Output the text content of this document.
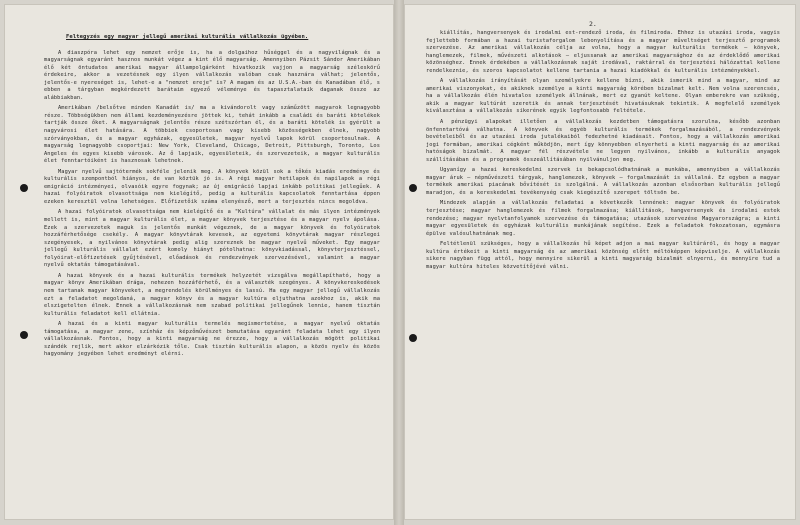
Feltegyzés egy magyar jellegű amerikai kulturális vállalkozás ügyében.

A diaszpóra lehet egy nemzet erője is, ha a dolgaihoz hűséggel és a nagyvilágnak és a magyarságnak egyaránt hasznos munkát végez a kint élő magyarság. Amennyiben Pázsit Sándor Amerikában élő két öntudatos amerikai magyar állampolgárként hivatkozik vajjon a magyarság széleskörű érdekeire, akkor a vezetésnek egy ilyen vállalkozás valóban csak hasznára válhat; jelentős, jelentős-e nyereséget is, lehet-e a "nemzet ereje" is? A magam és az U.S.A.-ban és Kanadában élő, s ebben a tárgyban megkérdezett barátaim egyező véleménye és tapasztalataik daganak össze az alábbiakban.

Amerikában /belsőtve minden Kanadát is/ ma a kivándorolt vagy száműzött magyarok legnagyobb része. Többségükben nem állami kezdeményezésre jöttek ki, tehát inkább a családi és baráti kötelékek tartják össze őket. A magyarságnak jelentős része szétszórtan él, és a baráti kötelék is gyérült a nagyvárosi élet hatására. A többiek csoportosan vagy kisebb közösségekben élnek, nagyobb szórványokban, és a magyar egyházak, egyesületek, magyar nyelvű lapok körül csoportosulnak. A magyarság legnagyobb csoportjai: New York, Cleveland, Chicago, Detroit, Pittsburgh, Toronto, Los Angeles és egyes kisebb városok. Az ő lapjaik, egyesületeik, és szervezeteik, a magyar kulturális élet fenntartóiként is hasznosak lehetnek.

Magyar nyelvű sajtótermék sokféle jelenik meg. A könyvek közül sok a tőkés kiadás eredménye és kulturális szempontból hiányos, de van köztük jó is. A régi magyar hetilapok és napilapok a régi emigráció intézményei, olvasóik egyre fogynak; az új emigráció lapjai inkább politikai jellegűek. A hazai folyóiratok olvasottsága nem kielégítő, pedig a kulturális kapcsolatok fenntartása éppen ezeken keresztül volna lehetséges. Előfizetőik száma elenyésző, mert a terjesztés nincs megoldva.

A hazai folyóiratok olvasottsága nem kielégítő és a "Kultúra" vállalat és más ilyen intézmények mellett is, mint a magyar kulturális élet, a magyar könyvek terjesztése és a magyar nyelv ápolása. Ezek a szervezetek maguk is jelentős munkát végeznek, de a magyar könyvek és folyóiratok hozzáférhetősége csekély. A magyar könyvtárak kevesek, az egyetemi könyvtárak magyar részlegei szegényesek, a nyilvános könyvtárak pedig alig szereznek be magyar nyelvű műveket. Egy magyar jellegű kulturális vállalat ezért komoly hiányt pótolhatna: könyvkiadással, könyvterjesztéssel, folyóirat-előfizetések gyűjtésével, előadások és rendezvények szervezésével, valamint a magyar nyelvű oktatás támogatásával.

A hazai könyvek és a hazai kulturális termékek helyzetét vizsgálva megállapítható, hogy a magyar könyv Amerikában drága, nehezen hozzáférhető, és a választék szegényes. A könyvkereskedések nem tartanak magyar könyveket, a megrendelés körülményes és lassú. Ha egy magyar jellegű vállalkozás ezt a feladatot megoldaná, a magyar könyv és a magyar kultúra eljuthatna azokhoz is, akik ma elszigetelten élnek. Ennek a vállalkozásnak nem szabad politikai jellegűnek lennie, hanem tisztán kulturális feladatot kell ellátnia.

A hazai és a kinti magyar kulturális termelés megismertetése, a magyar nyelvű oktatás támogatása, a magyar zene, színház és képzőművészet bemutatása egyaránt feladata lehet egy ilyen vállalkozásnak. Fontos, hogy a kinti magyarság ne érezze, hogy a vállalkozás mögött politikai szándék rejlik, mert akkor elzárkózik tőle. Csak tisztán kulturális alapon, a közös nyelv és közös hagyomány jegyében lehet eredményt elérni.

2.

kiállítás, hangversenyek és irodalmi est-rendező iroda, és filmiroda. Ehhez is utazási iroda, vagyis fejlettebb formában a hazai turistaforgalom lebonyolítása és a magyar műveltséget terjesztő programok szervezése. Az amerikai vállalkozás célja az volna, hogy a magyar kulturális termékek – könyvek, hanglemezek, filmek, művészeti alkotások – eljussanak az amerikai magyarsághoz és az érdeklődő amerikai közönséghez. Ennek érdekében a vállalkozásnak saját irodával, raktárral és terjesztési hálózattal kellene rendelkeznie, és szoros kapcsolatot kellene tartania a hazai kiadókkal és kulturális intézményekkel.

A vállalkozás irányítását olyan személyekre kellene bízni, akik ismerik mind a magyar, mind az amerikai viszonyokat, és akiknek személye a kinti magyarság körében bizalmat kelt. Nem volna szerencsés, ha a vállalkozás élén hivatalos személyek állnának, mert ez gyanút keltene. Olyan emberekre van szükség, akik a magyar kultúrát szeretik és annak terjesztését hivatásuknak tekintik. A megfelelő személyek kiválasztása a vállalkozás sikerének egyik legfontosabb feltétele.

A pénzügyi alapokat illetően a vállalkozás kezdetben támogatásra szorulna, később azonban önfenntartóvá válhatna. A könyvek és egyéb kulturális termékek forgalmazásából, a rendezvények bevételeiből és az utazási iroda jutalékaiból fedezhetné kiadásait. Fontos, hogy a vállalkozás amerikai jogi formában, amerikai cégként működjön, mert így könnyebben elnyerheti a kinti magyarság és az amerikai hatóságok bizalmát. A magyar fél részvétele ne legyen nyilvános, inkább a kulturális anyagok szállításában és a programok összeállításában nyilvánuljon meg.

Ugyanígy a hazai kereskedelmi szervek is bekapcsolódhatnának a munkába, amennyiben a vállalkozás magyar áruk – népművészeti tárgyak, hanglemezek, könyvek – forgalmazását is vállalná. Ez egyben a magyar termékek amerikai piacának bővítését is szolgálná. A vállalkozás azonban elsősorban kulturális jellegű maradjon, és a kereskedelmi tevékenység csak kiegészítő szerepet töltsön be.

Mindezek alapján a vállalkozás feladatai a következők lennének: magyar könyvek és folyóiratok terjesztése; magyar hanglemezek és filmek forgalmazása; kiállítások, hangversenyek és irodalmi estek rendezése; magyar nyelvtanfolyamok szervezése és támogatása; utazások szervezése Magyarországra; a kinti magyar egyesületek és egyházak kulturális munkájának segítése. Ezek a feladatok fokozatosan, egymásra épülve valósulhatnának meg.

Feltétlenül szükséges, hogy a vállalkozás hű képet adjon a mai magyar kultúráról, és hogy a magyar kultúra értékeit a kinti magyarság és az amerikai közönség előtt méltóképpen képviselje. A vállalkozás sikere nagyban függ attól, hogy mennyire sikerül a kinti magyarság bizalmát elnyerni, és mennyire tud a magyar kultúra hiteles közvetítőjévé válni.
